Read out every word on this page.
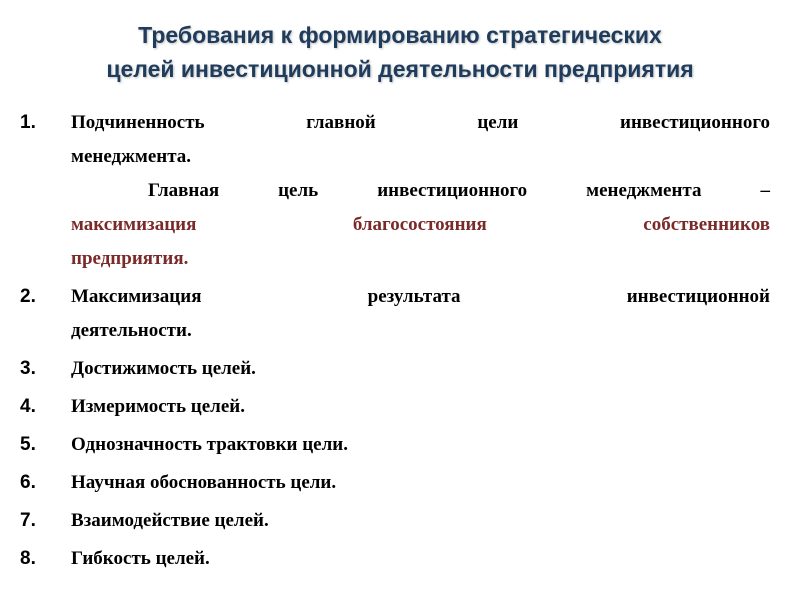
Требования к формированию стратегических
целей инвестиционной деятельности предприятия
1. Подчиненность	главной	цели	инвестиционного
менеджмента.
Главная	цель	инвестиционного	менеджмента	–
максимизация	благосостояния	собственников
предприятия.
2. Максимизация	результата	инвестиционной
деятельности.
3. Достижимость целей.
4. Измеримость целей.
5. Однозначность трактовки цели.
6. Научная обоснованность цели.
7. Взаимодействие целей.
8. Гибкость целей.
